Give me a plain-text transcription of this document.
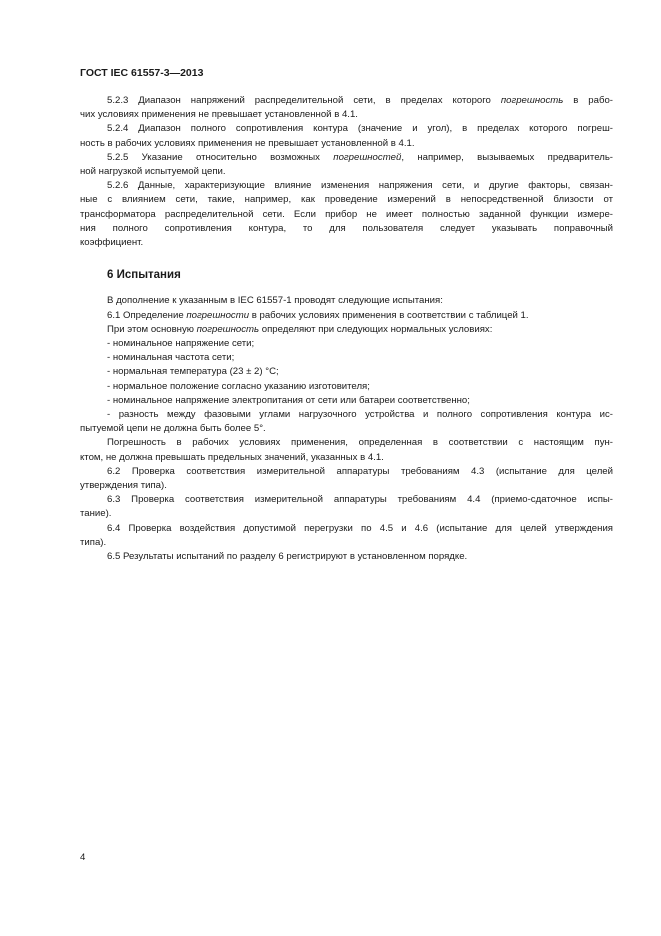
ГОСТ IEC 61557-3—2013

5.2.3 Диапазон напряжений распределительной сети, в пределах которого погрешность в рабо-

чих условиях применения не превышает установленной в 4.1.

5.2.4 Диапазон полного сопротивления контура (значение и угол), в пределах которого погреш-

ность в рабочих условиях применения не превышает установленной в 4.1.

5.2.5 Указание относительно возможных погрешностей, например, вызываемых предваритель-

ной нагрузкой испытуемой цепи.

5.2.6 Данные, характеризующие влияние изменения напряжения сети, и другие факторы, связан-

ные с влиянием сети, такие, например, как проведение измерений в непосредственной близости от

трансформатора распределительной сети. Если прибор не имеет полностью заданной функции измере-

ния полного сопротивления контура, то для пользователя следует указывать поправочный

коэффициент.

6 Испытания

В дополнение к указанным в IEC 61557-1 проводят следующие испытания:

6.1 Определение погрешности в рабочих условиях применения в соответствии с таблицей 1.

При этом основную погрешность определяют при следующих нормальных условиях:

- номинальное напряжение сети;

- номинальная частота сети;

- нормальная температура (23 ± 2) °С;

- нормальное положение согласно указанию изготовителя;

- номинальное напряжение электропитания от сети или батареи соответственно;

- разность между фазовыми углами нагрузочного устройства и полного сопротивления контура ис-

пытуемой цепи не должна быть более 5°.

Погрешность в рабочих условиях применения, определенная в соответствии с настоящим пун-

ктом, не должна превышать предельных значений, указанных в 4.1.

6.2 Проверка соответствия измерительной аппаратуры требованиям 4.3 (испытание для целей

утверждения типа).

6.3 Проверка соответствия измерительной аппаратуры требованиям 4.4 (приемо-сдаточное испы-

тание).

6.4 Проверка воздействия допустимой перегрузки по 4.5 и 4.6 (испытание для целей утверждения

типа).

6.5 Результаты испытаний по разделу 6 регистрируют в установленном порядке.

4
